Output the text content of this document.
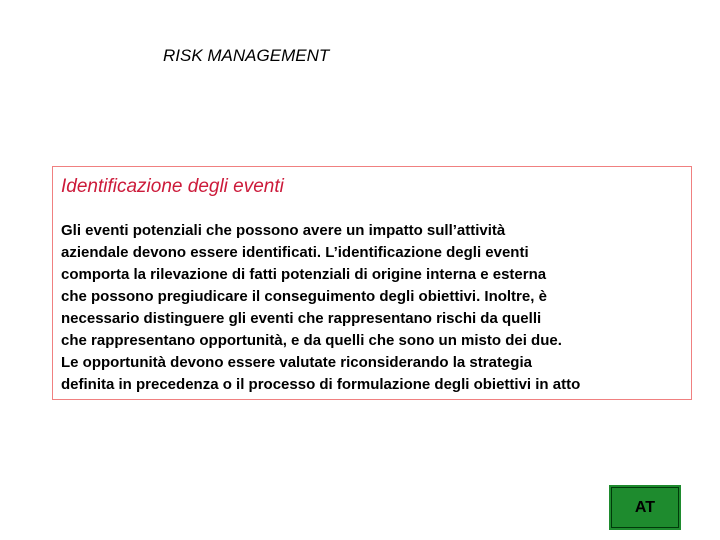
RISK MANAGEMENT
Identificazione degli eventi
Gli eventi potenziali che possono avere un impatto sull’attività
aziendale devono essere identificati. L’identificazione degli eventi
comporta la rilevazione di fatti potenziali di origine interna e esterna
che possono pregiudicare il conseguimento degli obiettivi. Inoltre, è
necessario distinguere gli eventi che rappresentano rischi da quelli
che rappresentano opportunità, e da quelli che sono un misto dei due.
Le opportunità devono essere valutate riconsiderando la strategia
definita in precedenza o il processo di formulazione degli obiettivi in atto
AT
